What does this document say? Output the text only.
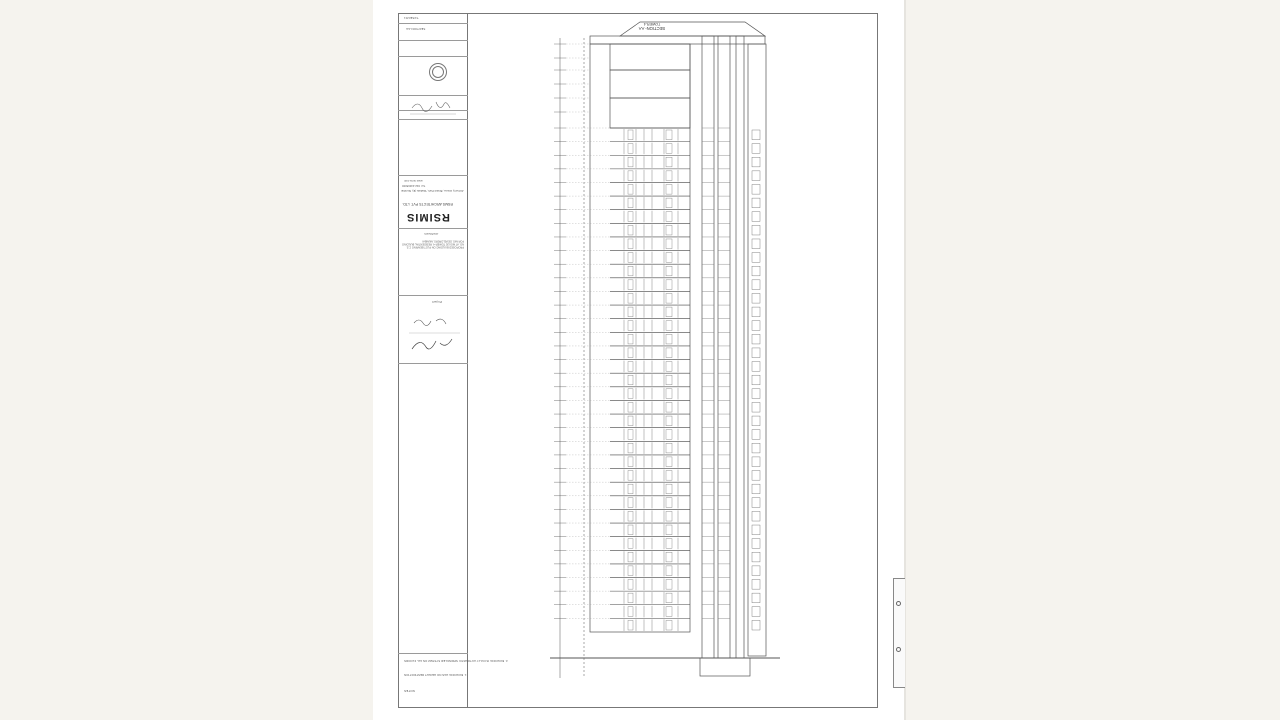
T4/SEC/01
SECTION-AA
www.rsms.com
Tel: 022-24095000
Alchemy House, Bhakti Park, Wadala (E), Mumbai
RSMS ARCHITECTS PVT. LTD.
RSIMIS
Architects
PROPOSED BUILDING ON PLOT BEARING C.S. NO. AT MOUJE TOWER-4, RESIDENTIAL BUILDING FOR M/S. DEVELOPERS, MUMBAI
Project
2. BUILDING IS FULLY AUTOMATIC SPRINKLER SYSTEM ON ALL FLOORS
1. BUILDING HAS NO HEIGHT RESTRICTION
NOTES
SECTION- AA
TOWER-4
